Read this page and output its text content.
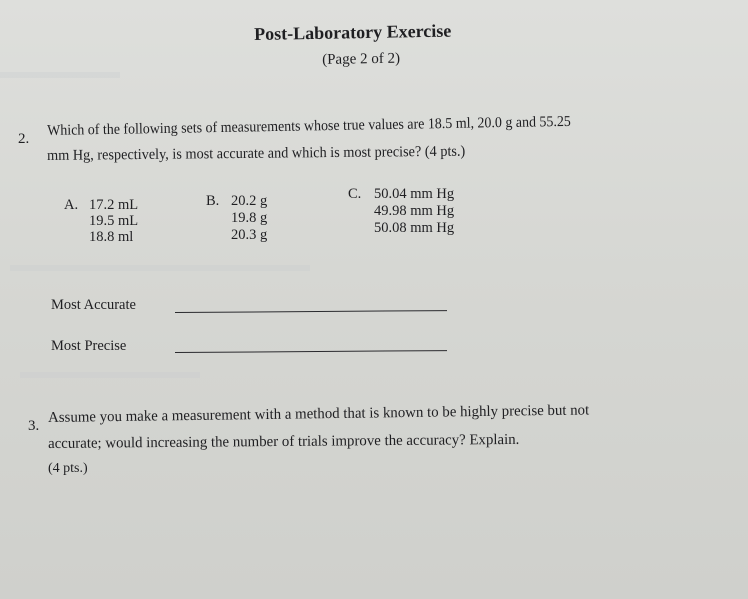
Post-Laboratory Exercise
(Page 2 of 2)
2.
Which of the following sets of measurements whose true values are 18.5 ml, 20.0 g and 55.25
mm Hg, respectively, is most accurate and which is most precise? (4 pts.)
A. 17.2 mL
19.5 mL
18.8 ml
B. 20.2 g
19.8 g
20.3 g
C. 50.04 mm Hg
49.98 mm Hg
50.08 mm Hg
Most Accurate
Most Precise
3.
Assume you make a measurement with a method that is known to be highly precise but not
accurate; would increasing the number of trials improve the accuracy? Explain.
(4 pts.)
